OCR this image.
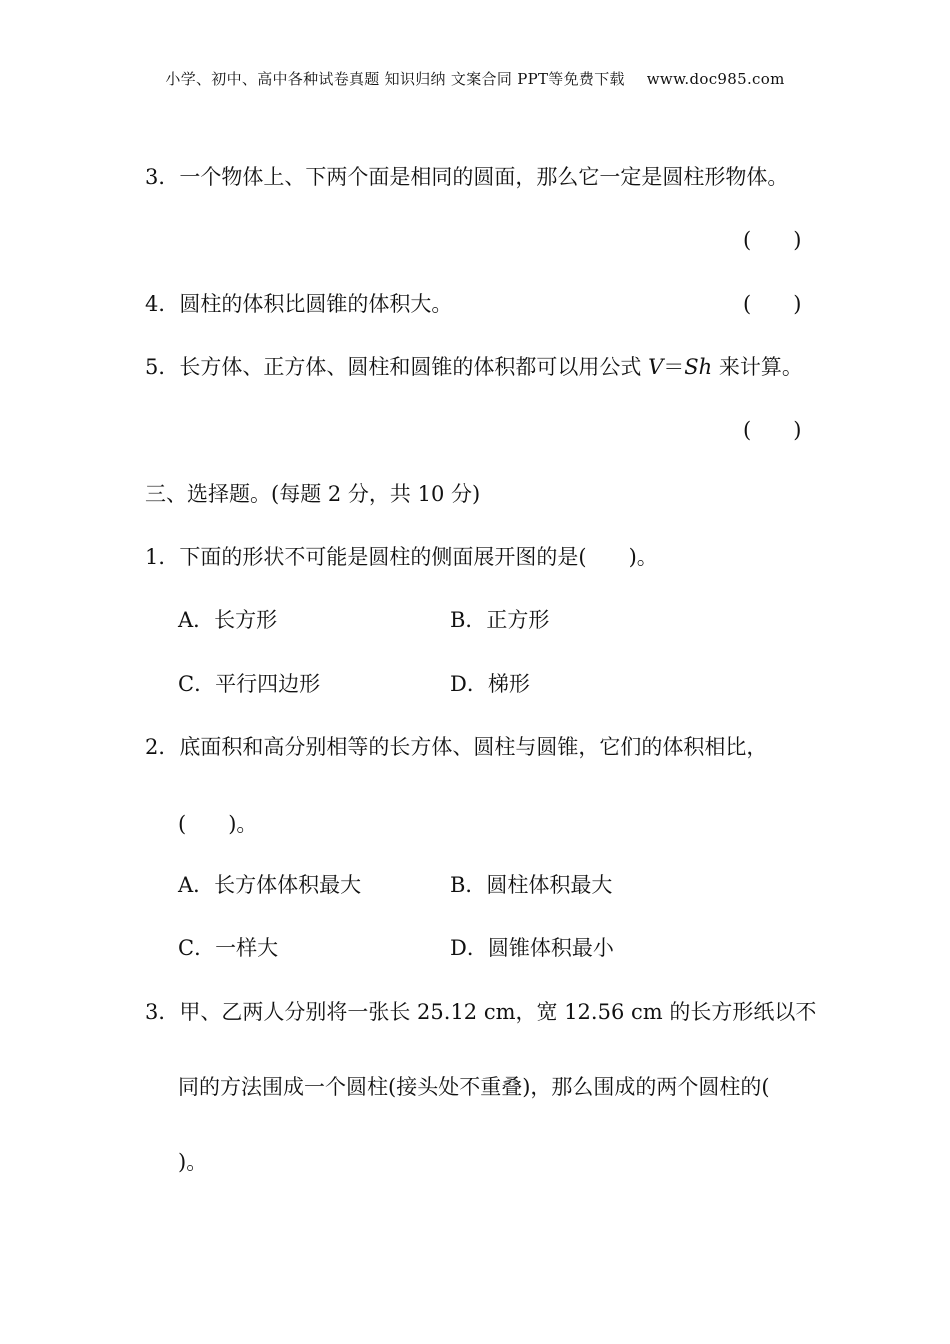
小学、初中、高中各种试卷真题 知识归纳 文案合同 PPT等免费下载 www.doc985.com
3．一个物体上、下两个面是相同的圆面，那么它一定是圆柱形物体。
(　　)
4．圆柱的体积比圆锥的体积大。	(　　)
5．长方体、正方体、圆柱和圆锥的体积都可以用公式 V＝Sh 来计算。
(　　)
三、选择题。(每题 2 分，共 10 分)
1．下面的形状不可能是圆柱的侧面展开图的是(　　)。
A．长方形	B．正方形
C．平行四边形	D．梯形
2．底面积和高分别相等的长方体、圆柱与圆锥，它们的体积相比，
(　　)。
A．长方体体积最大	B．圆柱体积最大
C．一样大	D．圆锥体积最小
3．甲、乙两人分别将一张长 25.12 cm，宽 12.56 cm 的长方形纸以不
同的方法围成一个圆柱(接头处不重叠)，那么围成的两个圆柱的(
)。
